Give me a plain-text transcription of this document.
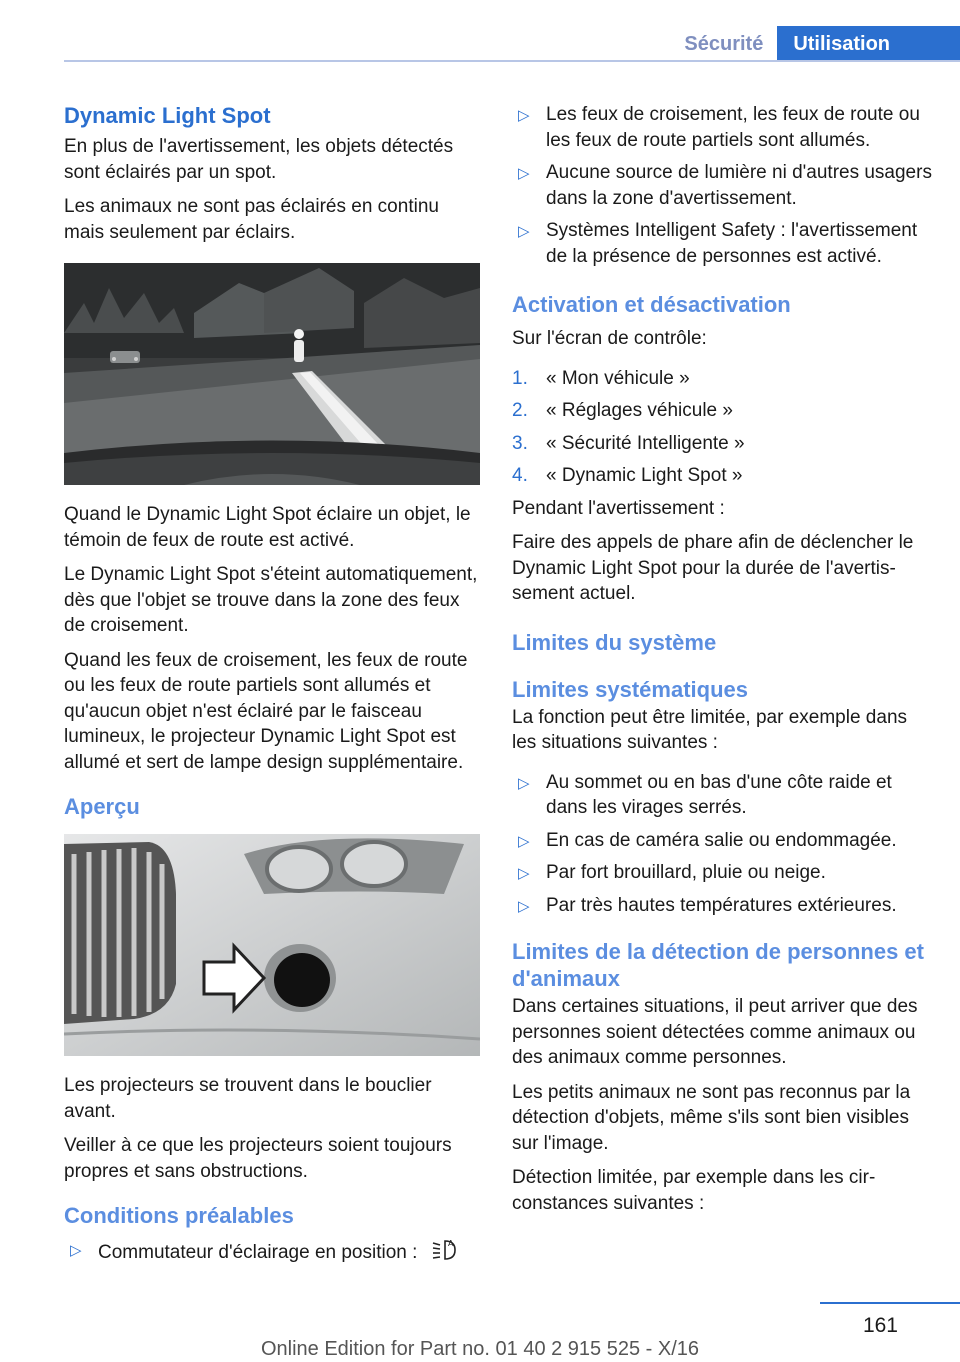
Sécurité	Utilisation
Dynamic Light Spot

En plus de l'avertissement, les objets détectés sont éclairés par un spot.

Les animaux ne sont pas éclairés en continu mais seulement par éclairs.

Quand le Dynamic Light Spot éclaire un objet, le témoin de feux de route est activé.

Le Dynamic Light Spot s'éteint automatiquement, dès que l'objet se trouve dans la zone des feux de croisement.

Quand les feux de croisement, les feux de route ou les feux de route partiels sont allumés et qu'aucun objet n'est éclairé par le faisceau lumineux, le projecteur Dynamic Light Spot est allumé et sert de lampe design supplémentaire.

Aperçu

Les projecteurs se trouvent dans le bouclier avant.

Veiller à ce que les projecteurs soient toujours propres et sans obstructions.

Conditions préalables
▷ Commutateur d'éclairage en position :	A
▷ Les feux de croisement, les feux de route ou les feux de route partiels sont allumés.
▷ Aucune source de lumière ni d'autres usagers dans la zone d'avertissement.
▷ Systèmes Intelligent Safety : l'avertissement de la présence de personnes est activé.
Activation et désactivation

Sur l'écran de contrôle:

1. « Mon véhicule »
2. « Réglages véhicule »
3. « Sécurité Intelligente »
4. « Dynamic Light Spot »

Pendant l'avertissement :

Faire des appels de phare afin de déclencher le Dynamic Light Spot pour la durée de l'avertissement actuel.

Limites du système
Limites systématiques

La fonction peut être limitée, par exemple dans les situations suivantes :

▷ Au sommet ou en bas d'une côte raide et dans les virages serrés.
▷ En cas de caméra salie ou endommagée.
▷ Par fort brouillard, pluie ou neige.
▷ Par très hautes températures extérieures.
Limites de la détection de personnes et d'animaux

Dans certaines situations, il peut arriver que des personnes soient détectées comme animaux ou des animaux comme personnes.

Les petits animaux ne sont pas reconnus par la détection d'objets, même s'ils sont bien visibles sur l'image.

Détection limitée, par exemple dans les circonstances suivantes :

161
Online Edition for Part no. 01 40 2 915 525 - X/16
